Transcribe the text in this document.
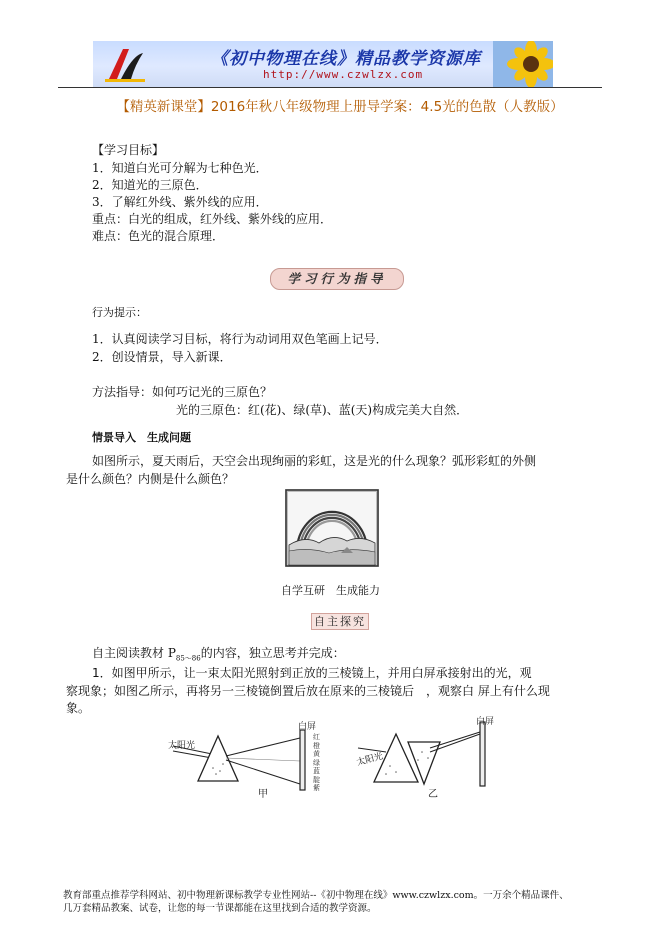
《初中物理在线》精品教学资源库
http://www.czwlzx.com
【精英新课堂】2016年秋八年级物理上册导学案：4.5光的色散（人教版）
【学习目标】
1．知道白光可分解为七种色光．
2．知道光的三原色．
3．了解红外线、紫外线的应用．
重点：白光的组成，红外线、紫外线的应用．
难点：色光的混合原理．
学习行为指导
行为提示：
1．认真阅读学习目标，将行为动词用双色笔画上记号．
2．创设情景，导入新课．
方法指导：如何巧记光的三原色？
光的三原色：红(花)、绿(草)、蓝(天)构成完美大自然．
情景导入　生成问题
如图所示，夏天雨后，天空会出现绚丽的彩虹，这是光的什么现象？弧形彩虹的外侧
是什么颜色？内侧是什么颜色？
自学互研　生成能力
自主探究
自主阅读教材 $P_{85\sim 86}$的内容，独立思考并完成：
1．如图甲所示，让一束太阳光照射到正放的三棱镜上，并用白屏承接射出的光，观
察现象；如图乙所示，再将另一三棱镜倒置后放在原来的三棱镜后　，观察白 屏上有什么现
象。
太阳光
白屏
红橙黄绿蓝靛紫
甲
太阳光
白屏
乙
教育部重点推荐学科网站、初中物理新课标教学专业性网站--《初中物理在线》www.czwlzx.com。一万余个精品课件、
几万套精品教案、试卷，让您的每一节课都能在这里找到合适的教学资源。
